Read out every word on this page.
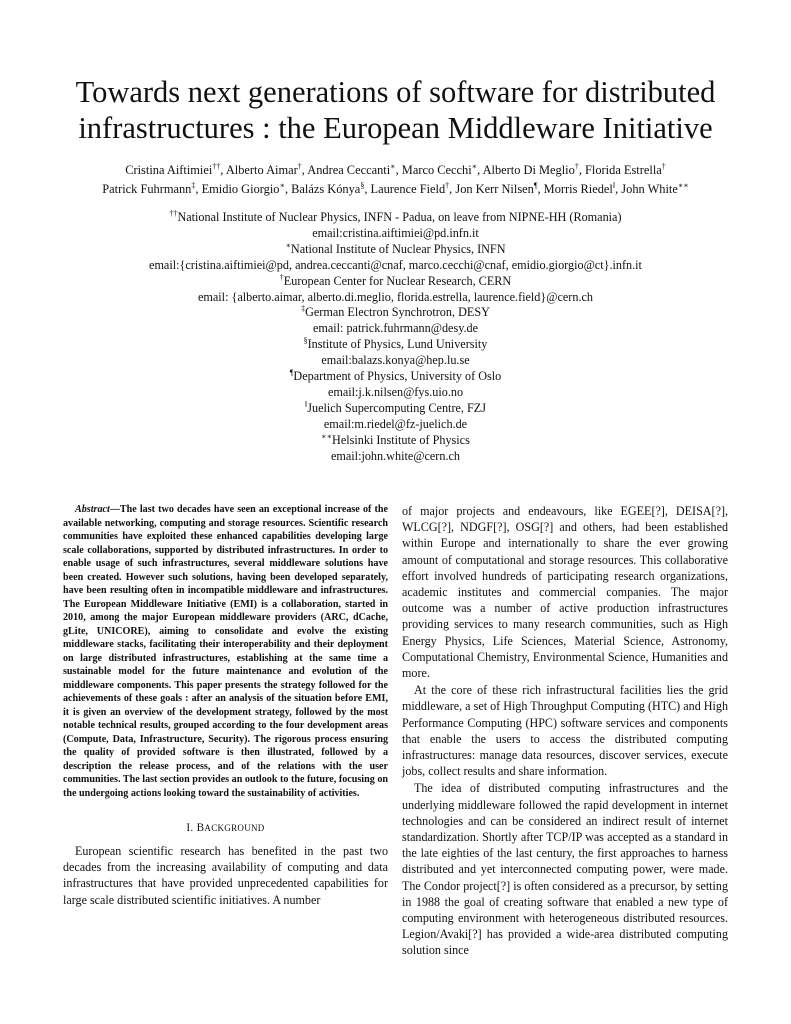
Towards next generations of software for distributed infrastructures : the European Middleware Initiative
Cristina Aiftimiei††, Alberto Aimar†, Andrea Ceccanti∗, Marco Cecchi∗, Alberto Di Meglio†, Florida Estrella†
Patrick Fuhrmann‡, Emidio Giorgio∗, Balázs Kónya§, Laurence Field†, Jon Kerr Nilsen¶, Morris Riedel‖, John White∗∗
††National Institute of Nuclear Physics, INFN - Padua, on leave from NIPNE-HH (Romania)
email:cristina.aiftimiei@pd.infn.it
∗National Institute of Nuclear Physics, INFN
email:{cristina.aiftimiei@pd, andrea.ceccanti@cnaf, marco.cecchi@cnaf, emidio.giorgio@ct}.infn.it
†European Center for Nuclear Research, CERN
email: {alberto.aimar, alberto.di.meglio, florida.estrella, laurence.field}@cern.ch
‡German Electron Synchrotron, DESY
email: patrick.fuhrmann@desy.de
§Institute of Physics, Lund University
email:balazs.konya@hep.lu.se
¶Department of Physics, University of Oslo
email:j.k.nilsen@fys.uio.no
‖Juelich Supercomputing Centre, FZJ
email:m.riedel@fz-juelich.de
∗∗Helsinki Institute of Physics
email:john.white@cern.ch

Abstract—The last two decades have seen an exceptional increase of the available networking, computing and storage resources. Scientific research communities have exploited these enhanced capabilities developing large scale collaborations, supported by distributed infrastructures. In order to enable usage of such infrastructures, several middleware solutions have been created. However such solutions, having been developed separately, have been resulting often in incompatible middleware and infrastructures. The European Middleware Initiative (EMI) is a collaboration, started in 2010, among the major European middleware providers (ARC, dCache, gLite, UNICORE), aiming to consolidate and evolve the existing middleware stacks, facilitating their interoperability and their deployment on large distributed infrastructures, establishing at the same time a sustainable model for the future maintenance and evolution of the middleware components. This paper presents the strategy followed for the achievements of these goals : after an analysis of the situation before EMI, it is given an overview of the development strategy, followed by the most notable technical results, grouped according to the four development areas (Compute, Data, Infrastructure, Security). The rigorous process ensuring the quality of provided software is then illustrated, followed by a description the release process, and of the relations with the user communities. The last section provides an outlook to the future, focusing on the undergoing actions looking toward the sustainability of activities.

I. BACKGROUND

European scientific research has benefited in the past two decades from the increasing availability of computing and data infrastructures that have provided unprecedented capabilities for large scale distributed scientific initiatives. A number

of major projects and endeavours, like EGEE[?], DEISA[?], WLCG[?], NDGF[?], OSG[?] and others, had been established within Europe and internationally to share the ever growing amount of computational and storage resources. This collaborative effort involved hundreds of participating research organizations, academic institutes and commercial companies. The major outcome was a number of active production infrastructures providing services to many research communities, such as High Energy Physics, Life Sciences, Material Science, Astronomy, Computational Chemistry, Environmental Science, Humanities and more.

At the core of these rich infrastructural facilities lies the grid middleware, a set of High Throughput Computing (HTC) and High Performance Computing (HPC) software services and components that enable the users to access the distributed computing infrastructures: manage data resources, discover services, execute jobs, collect results and share information.

The idea of distributed computing infrastructures and the underlying middleware followed the rapid development in internet technologies and can be considered an indirect result of internet standardization. Shortly after TCP/IP was accepted as a standard in the late eighties of the last century, the first approaches to harness distributed and yet interconnected computing power, were made. The Condor project[?] is often considered as a precursor, by setting in 1988 the goal of creating software that enabled a new type of computing environment with heterogeneous distributed resources. Legion/Avaki[?] has provided a wide-area distributed computing solution since
